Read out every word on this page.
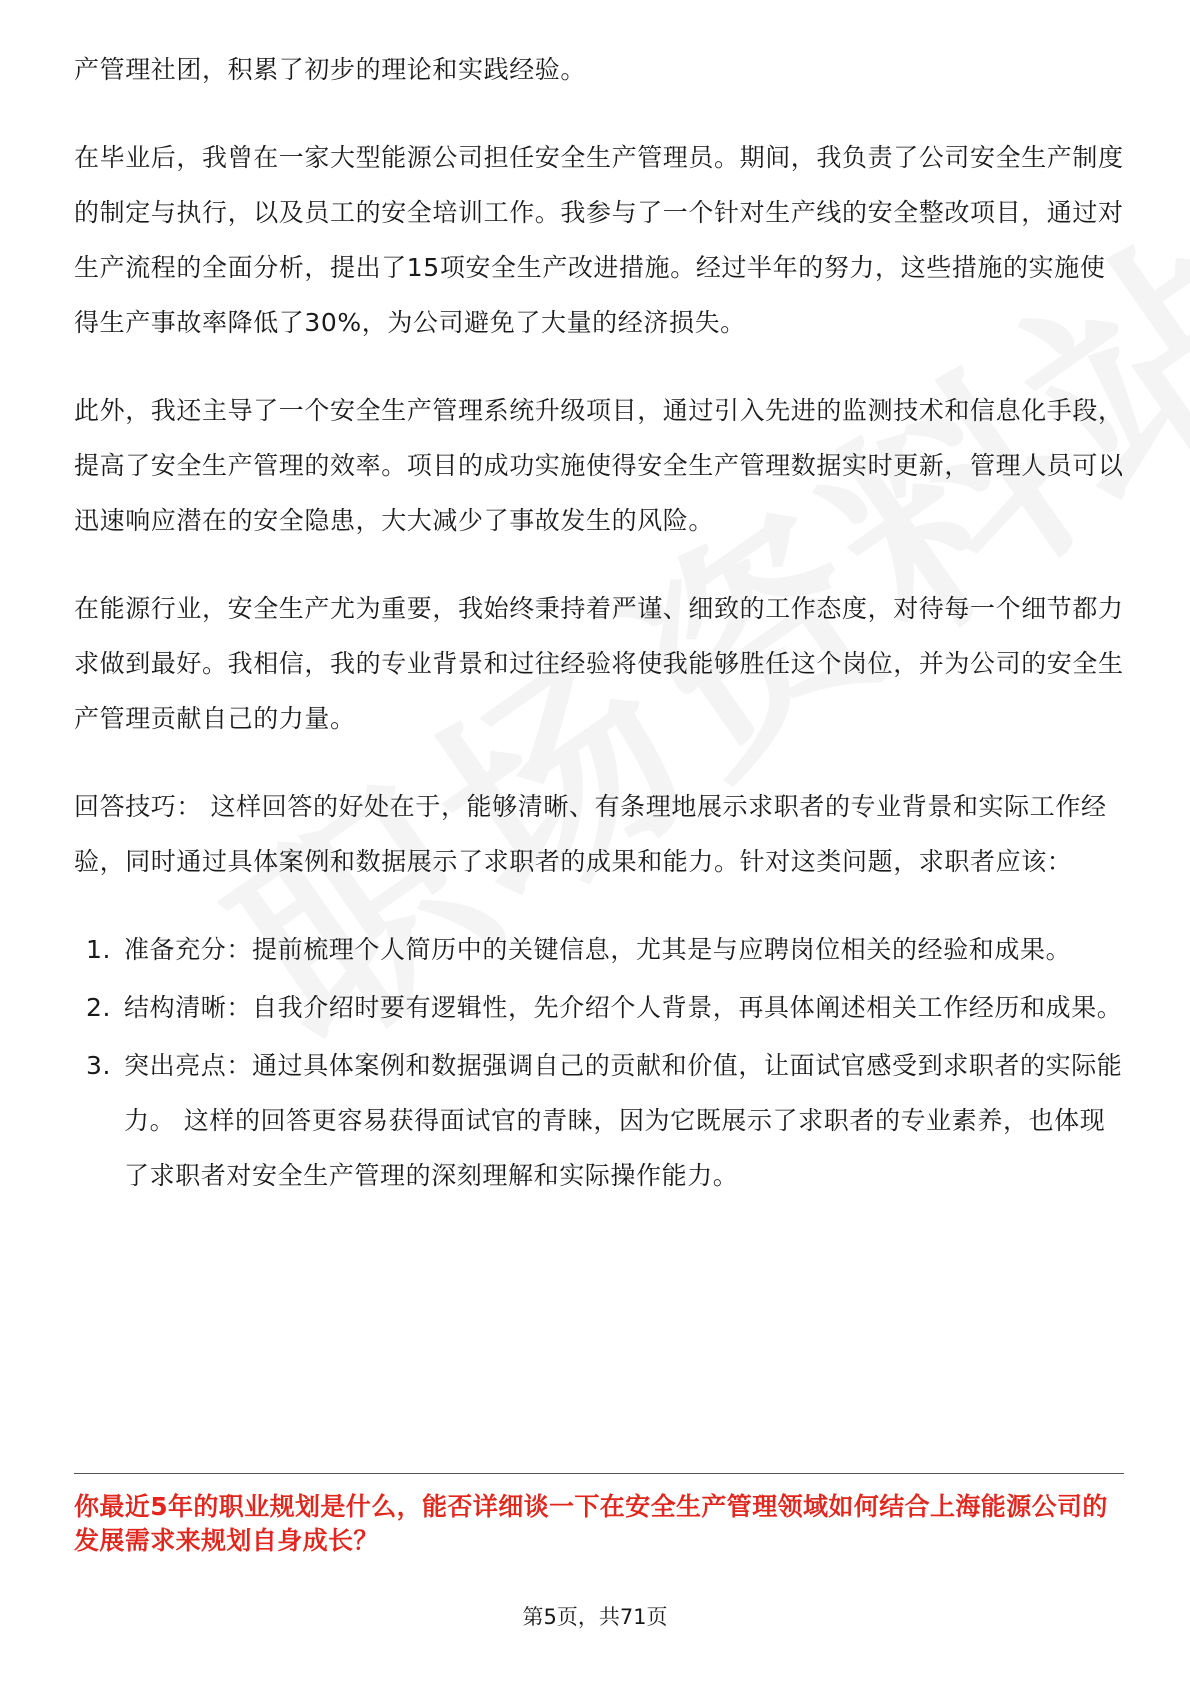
产管理社团，积累了初步的理论和实践经验。

在毕业后，我曾在一家大型能源公司担任安全生产管理员。期间，我负责了公司安全生产制度的制定与执行，以及员工的安全培训工作。我参与了一个针对生产线的安全整改项目，通过对生产流程的全面分析，提出了15项安全生产改进措施。经过半年的努力，这些措施的实施使得生产事故率降低了30%，为公司避免了大量的经济损失。

此外，我还主导了一个安全生产管理系统升级项目，通过引入先进的监测技术和信息化手段，提高了安全生产管理的效率。项目的成功实施使得安全生产管理数据实时更新，管理人员可以迅速响应潜在的安全隐患，大大减少了事故发生的风险。

在能源行业，安全生产尤为重要，我始终秉持着严谨、细致的工作态度，对待每一个细节都力求做到最好。我相信，我的专业背景和过往经验将使我能够胜任这个岗位，并为公司的安全生产管理贡献自己的力量。

回答技巧： 这样回答的好处在于，能够清晰、有条理地展示求职者的专业背景和实际工作经验，同时通过具体案例和数据展示了求职者的成果和能力。针对这类问题，求职者应该：

1. 准备充分：提前梳理个人简历中的关键信息，尤其是与应聘岗位相关的经验和成果。
2. 结构清晰：自我介绍时要有逻辑性，先介绍个人背景，再具体阐述相关工作经历和成果。
3. 突出亮点：通过具体案例和数据强调自己的贡献和价值，让面试官感受到求职者的实际能力。 这样的回答更容易获得面试官的青睐，因为它既展示了求职者的专业素养，也体现了求职者对安全生产管理的深刻理解和实际操作能力。

你最近5年的职业规划是什么，能否详细谈一下在安全生产管理领域如何结合上海能源公司的发展需求来规划自身成长？

第5页，共71页
